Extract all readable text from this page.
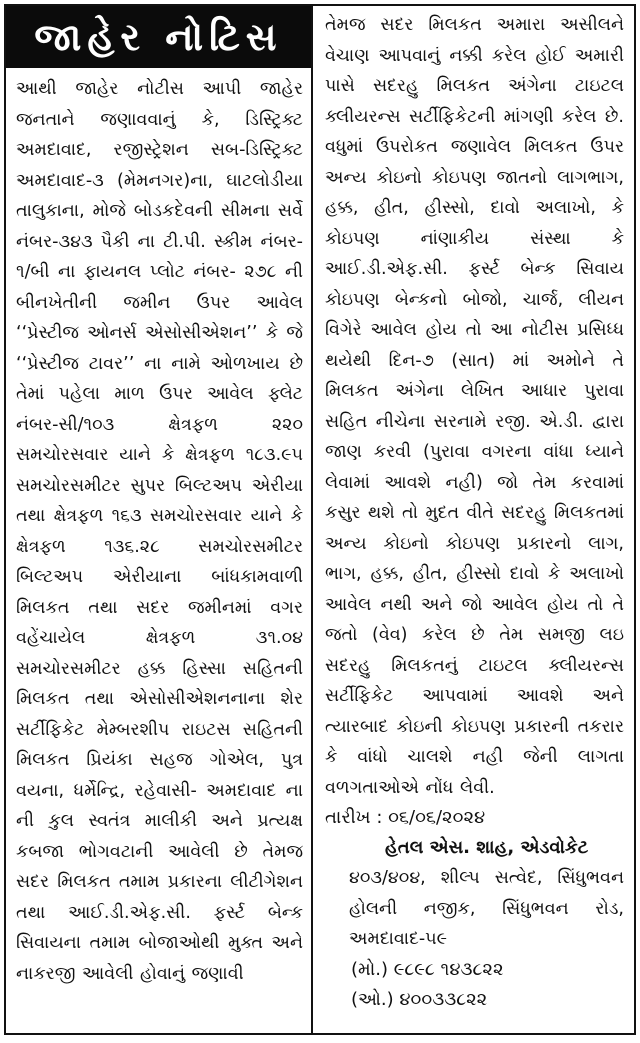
જાહેર નોટિસ

આથી જાહેર નોટીસ આપી જાહેર જનતાને જણાવવાનું કે, ડિસ્ટ્રિક્ટ અમદાવાદ, રજીસ્ટ્રેશન સબ-ડિસ્ટ્રિક્ટ અમદાવાદ-૩ (મેમનગર)ના, ઘાટલોડીયા તાલુકાના, મોજે બોડકદેવની સીમના સર્વે નંબર-૩૪૩ પૈકી ના ટી.પી. સ્કીમ નંબર- ૧/બી ના ફાયનલ પ્લોટ નંબર- ૨૭૮ ની બીનખેતીની જમીન ઉપર આવેલ ‘‘પ્રેસ્ટીજ ઓનર્સ એસોસીએશન’’ કે જે ‘‘પ્રેસ્ટીજ ટાવર’’ ના નામે ઓળખાય છે તેમાં પહેલા માળ ઉપર આવેલ ફ્લેટ નંબર-સી/૧૦૩ ક્ષેત્રફળ ૨૨૦ સમચોરસવાર યાને કે ક્ષેત્રફળ ૧૮૩.૯૫ સમચોરસમીટર સુપર બિલ્ટઅપ એરીયા તથા ક્ષેત્રફળ ૧૬૩ સમચોરસવાર યાને કે ક્ષેત્રફળ ૧૩૬.૨૮ સમચોરસમીટર બિલ્ટઅપ એરીયાના બાંધકામવાળી મિલકત તથા સદર જમીનમાં વગર વહેંચાયેલ ક્ષેત્રફળ ૩૧.૦૪ સમચોરસમીટર હક્ક હિસ્સા સહિતની મિલકત તથા એસોસીએશનનાના શેર સર્ટીફિકેટ મેમ્બરશીપ રાઇટસ સહિતની મિલકત પ્રિયંકા સહજ ગોએલ, પુત્ર વયના, ધર્મેન્દ્રિ, રહેવાસી- અમદાવાદ ના ની કુલ સ્વતંત્ર માલીકી અને પ્રત્યક્ષ કબજા ભોગવટાની આવેલી છે તેમજ સદર મિલકત તમામ પ્રકારના લીટીગેશન તથા આઈ.ડી.એફ.સી. ફર્સ્ટ બેન્ક સિવાયના તમામ બોજાઓથી મુક્ત અને નાકરજી આવેલી હોવાનું જણાવી

તેમજ સદર મિલકત અમારા અસીલને વેચાણ આપવાનું નક્કી કરેલ હોઈ અમારી પાસે સદરહુ મિલકત અંગેના ટાઇટલ ક્લીયરન્સ સર્ટીફિકેટની માંગણી કરેલ છે. વધુમાં ઉપરોકત જણાવેલ મિલકત ઉપર અન્ય કોઇનો કોઇપણ જાતનો લાગભાગ, હક્ક, હીત, હીસ્સો, દાવો અલાખો, કે કોઇપણ નાંણાકીય સંસ્થા કે આઈ.ડી.એફ.સી. ફર્સ્ટ બેન્ક સિવાય કોઇપણ બેન્કનો બોજો, ચાર્જ, લીયન વિગેરે આવેલ હોય તો આ નોટીસ પ્રસિધ્ધ થયેથી દિન-૭ (સાત) માં અમોને તે મિલકત અંગેના લેખિત આધાર પુરાવા સહિત નીચેના સરનામે રજી. એ.ડી. દ્વારા જાણ કરવી (પુરાવા વગરના વાંધા ધ્યાને લેવામાં આવશે નહી) જો તેમ કરવામાં કસુર થશે તો મુદત વીતે સદરહુ મિલકતમાં અન્ય કોઇનો કોઇપણ પ્રકારનો લાગ, ભાગ, હક્ક, હીત, હીસ્સો દાવો કે અલાખો આવેલ નથી અને જો આવેલ હોય તો તે જતો (વેવ) કરેલ છે તેમ સમજી લઇ સદરહુ મિલકતનું ટાઇટલ ક્લીયરન્સ સર્ટીફિકેટ આપવામાં આવશે અને ત્યારબાદ કોઇની કોઇપણ પ્રકારની તકરાર કે વાંધો ચાલશે નહી જેની લાગતા વળગતાઓએ નોંધ લેવી.

તારીખ : ૦૬/૦૬/૨૦૨૪
હેતલ એસ. શાહ, એડવોકેટ
૪૦૩/૪૦૪, શીલ્પ સત્વેદ, સિંધુભવન
હોલની નજીક, સિંધુભવન રોડ,
અમદાવાદ-૫૯
(મો.) ૯૮૯૮ ૧૪૩૮૨૨
(ઓ.) ૪૦૦૩૩૮૨૨
